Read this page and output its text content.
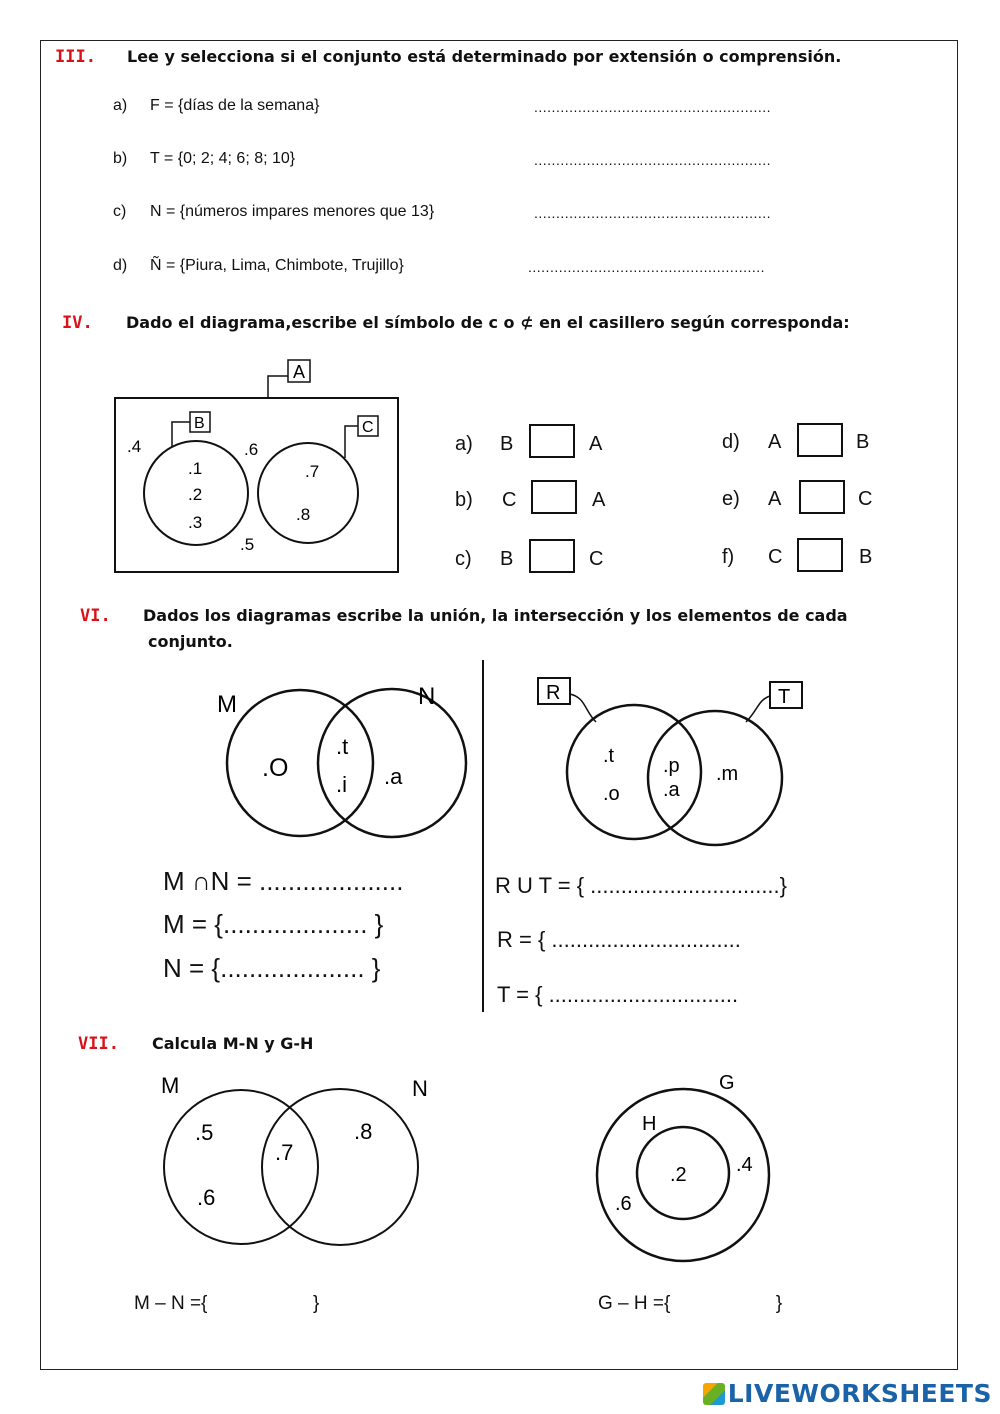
III. Lee y selecciona si el conjunto está determinado por extensión o comprensión.
a) F = {días de la semana}	......................................................
b) T = {0; 2; 4; 6; 8; 10}	......................................................
c) N = {números impares menores que 13}	......................................................
d) Ñ = {Piura, Lima, Chimbote, Trujillo}	......................................................
IV. Dado el diagrama,escribe el símbolo de c o ⊄ en el casillero según corresponda:
A
B	C
.4	.6
.1
.2
.3
.7
.8
.5
a) B	A
b) C	A
c) B	C
d) A	B
e) A	C
f) C	B
VI. Dados los diagramas escribe la unión, la intersección y los elementos de cada
conjunto.
M	N
.O
.t
.i .a
M ∩N = ....................
M = {.................... }
N = {.................... }
R	T
.t
.o
.p
.a
.m
R U T = { ...............................}
R = { ...............................
T = { ...............................
VII. Calcula M-N y G-H
M	N
.5
.6
.7
.8
G
H
.2 .4
.6
M – N ={                    }	G – H ={                    }
LIVEWORKSHEETS
